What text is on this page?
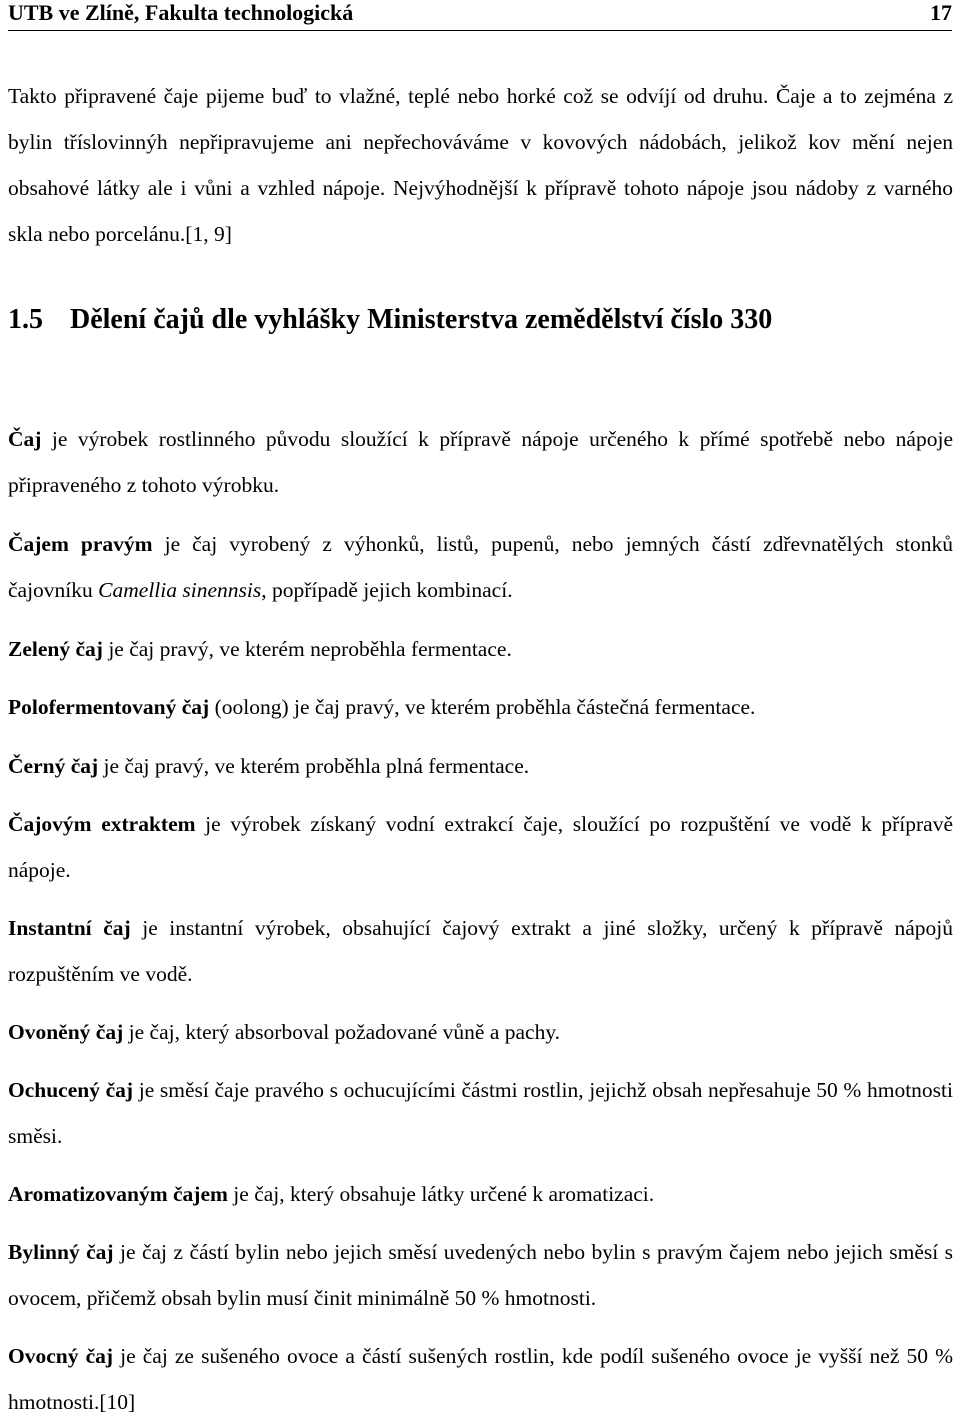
UTB ve Zlíně, Fakulta technologická	17

Takto připravené čaje pijeme buď to vlažné, teplé nebo horké což se odvíjí od druhu. Čaje a to zejména z bylin tříslovinnýh nepřipravujeme ani nepřechováváme v kovových nádobách, jelikož kov mění nejen obsahové látky ale i vůni a vzhled nápoje. Nejvýhodnější k přípravě tohoto nápoje jsou nádoby z varného skla nebo porcelánu.[1, 9]

1.5 Dělení čajů dle vyhlášky Ministerstva zemědělství číslo 330

Čaj je výrobek rostlinného původu sloužící k přípravě nápoje určeného k přímé spotřebě nebo nápoje připraveného z tohoto výrobku.

Čajem pravým je čaj vyrobený z výhonků, listů, pupenů, nebo jemných částí zdřevnatělých stonků čajovníku Camellia sinennsis, popřípadě jejich kombinací.

Zelený čaj je čaj pravý, ve kterém neproběhla fermentace.

Polofermentovaný čaj (oolong) je čaj pravý, ve kterém proběhla částečná fermentace.

Černý čaj je čaj pravý, ve kterém proběhla plná fermentace.

Čajovým extraktem je výrobek získaný vodní extrakcí čaje, sloužící po rozpuštění ve vodě k přípravě nápoje.

Instantní čaj je instantní výrobek, obsahující čajový extrakt a jiné složky, určený k přípravě nápojů rozpuštěním ve vodě.

Ovoněný čaj je čaj, který absorboval požadované vůně a pachy.

Ochucený čaj je směsí čaje pravého s ochucujícími částmi rostlin, jejichž obsah nepřesahuje 50 % hmotnosti směsi.

Aromatizovaným čajem je čaj, který obsahuje látky určené k aromatizaci.

Bylinný čaj je čaj z částí bylin nebo jejich směsí uvedených nebo bylin s pravým čajem nebo jejich směsí s ovocem, přičemž obsah bylin musí činit minimálně 50 % hmotnosti.

Ovocný čaj je čaj ze sušeného ovoce a částí sušených rostlin, kde podíl sušeného ovoce je vyšší než 50 % hmotnosti.[10]
